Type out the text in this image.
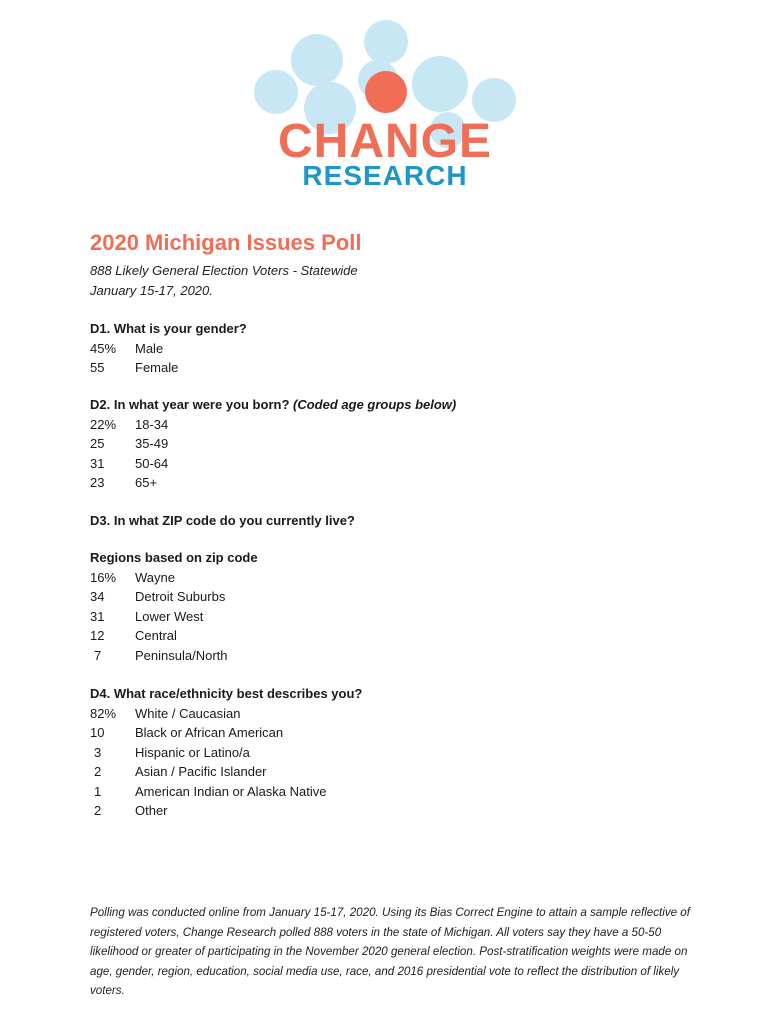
CHANGE
RESEARCH
2020 Michigan Issues Poll
888 Likely General Election Voters - Statewide
January 15-17, 2020.
D1. What is your gender?
45%	Male
55	Female
D2. In what year were you born? (Coded age groups below)
22%	18-34
25	35-49
31	50-64
23	65+
D3. In what ZIP code do you currently live?
Regions based on zip code
16%	Wayne
34	Detroit Suburbs
31	Lower West
12	Central
7	Peninsula/North
D4. What race/ethnicity best describes you?
82%	White / Caucasian
10	Black or African American
3	Hispanic or Latino/a
2	Asian / Pacific Islander
1	American Indian or Alaska Native
2	Other
Polling was conducted online from January 15-17, 2020. Using its Bias Correct Engine to attain a sample reflective of registered voters, Change Research polled 888 voters in the state of Michigan. All voters say they have a 50-50 likelihood or greater of participating in the November 2020 general election. Post-stratification weights were made on age, gender, region, education, social media use, race, and 2016 presidential vote to reflect the distribution of likely voters.
